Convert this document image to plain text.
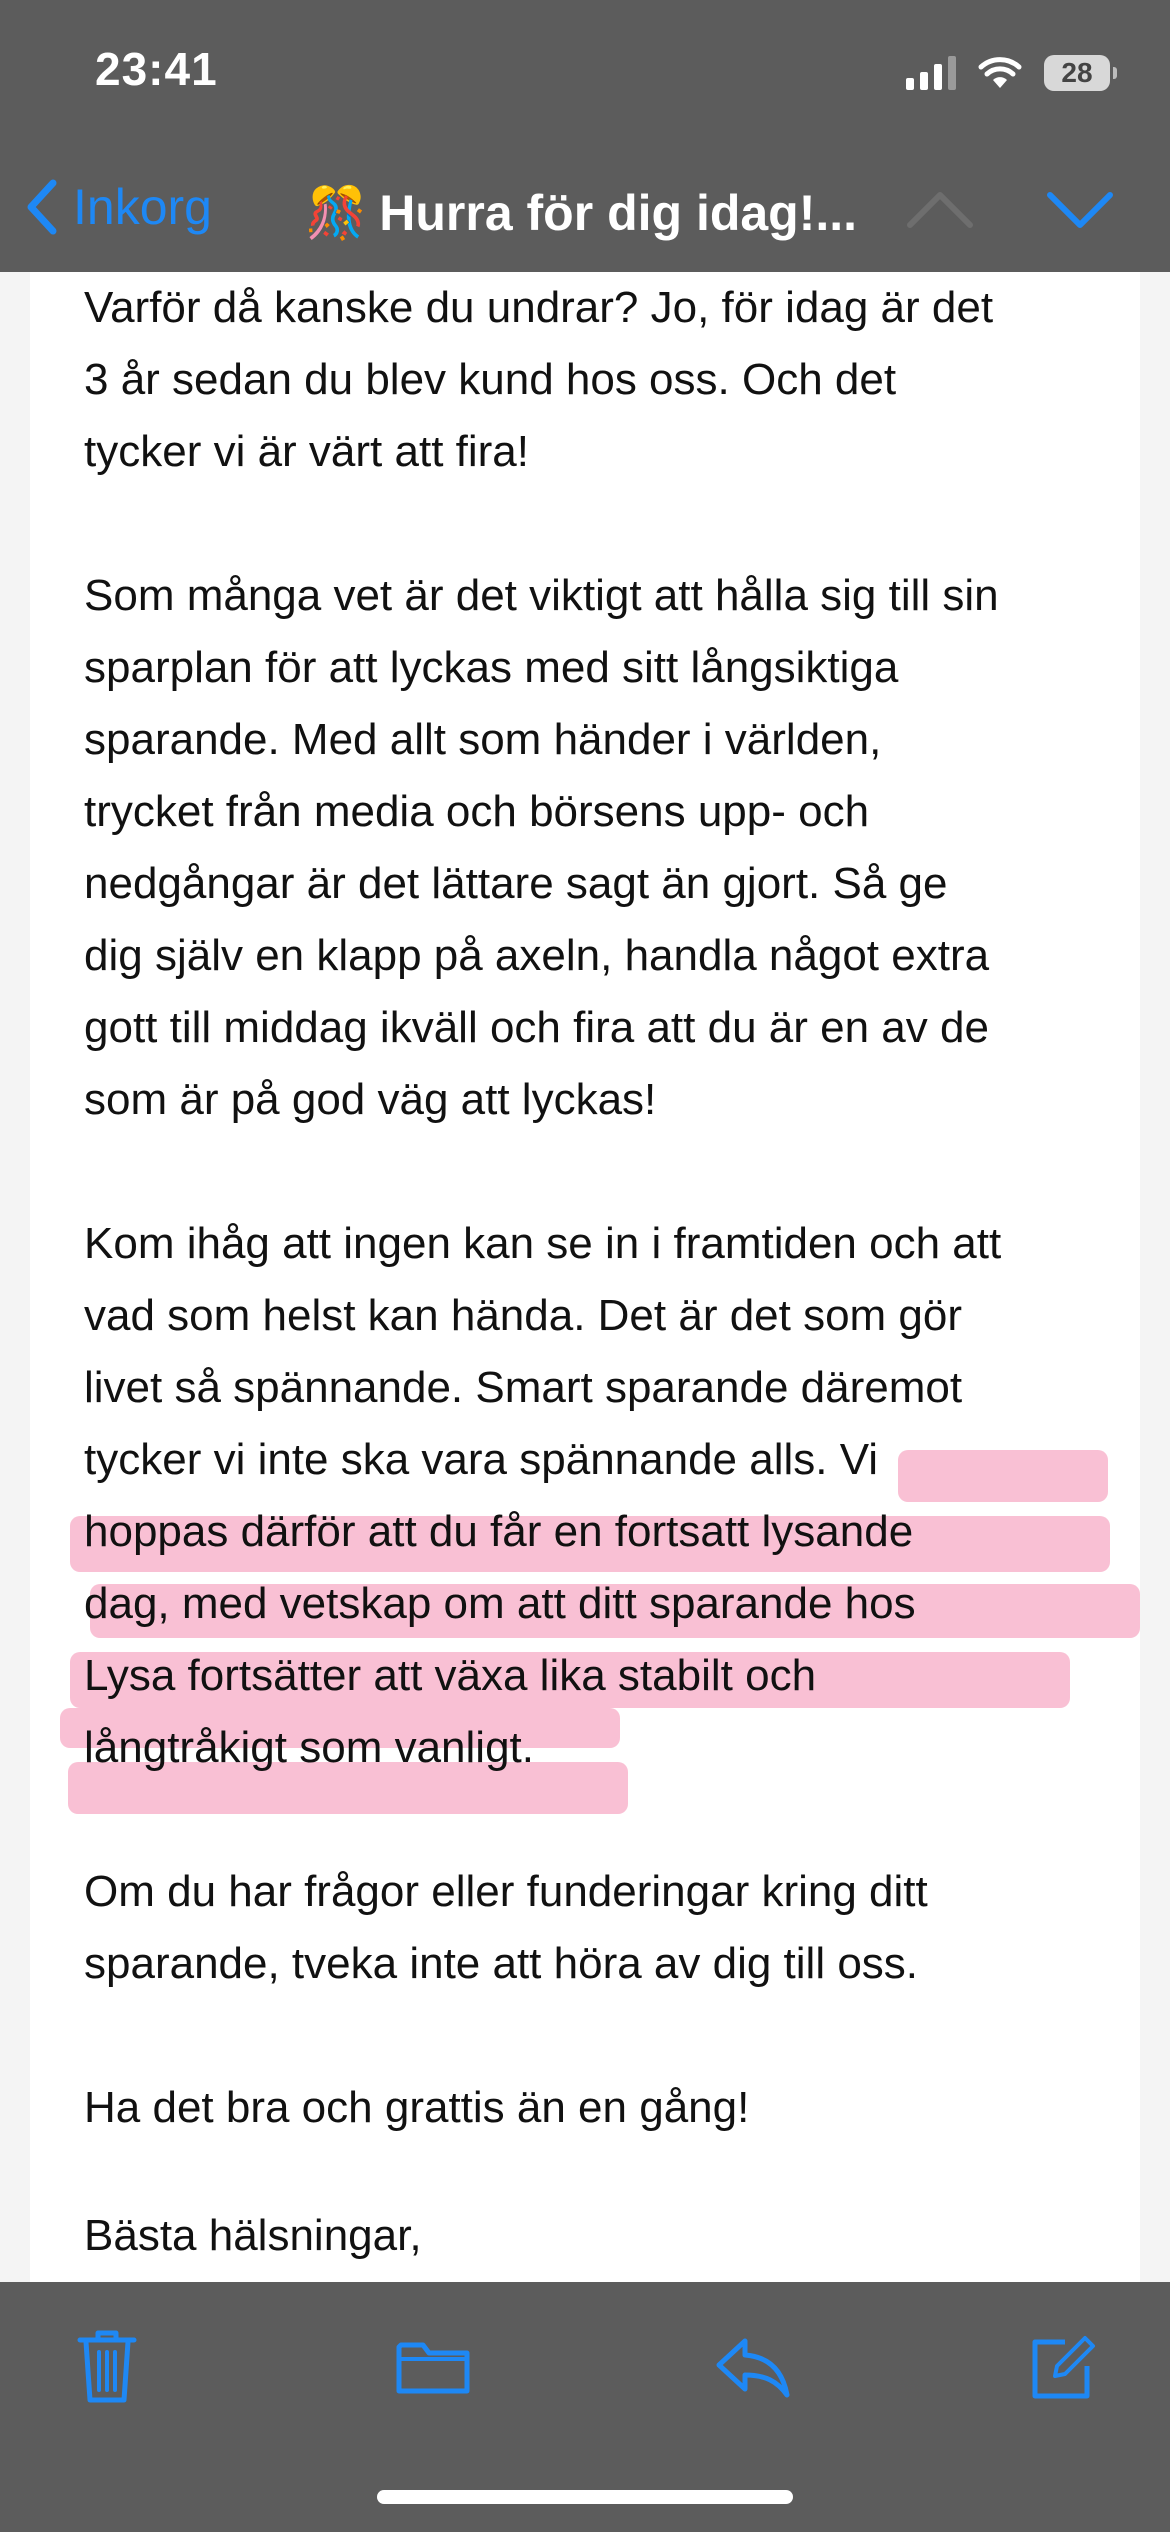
23:41	28
Inkorg 🎊 Hurra för dig idag!...

Varför då kanske du undrar? Jo, för idag är det
3 år sedan du blev kund hos oss. Och det
tycker vi är värt att fira!

Som många vet är det viktigt att hålla sig till sin
sparplan för att lyckas med sitt långsiktiga
sparande. Med allt som händer i världen,
trycket från media och börsens upp- och
nedgångar är det lättare sagt än gjort. Så ge
dig själv en klapp på axeln, handla något extra
gott till middag ikväll och fira att du är en av de
som är på god väg att lyckas!

Kom ihåg att ingen kan se in i framtiden och att
vad som helst kan hända. Det är det som gör
livet så spännande. Smart sparande däremot
tycker vi inte ska vara spännande alls. Vi
hoppas därför att du får en fortsatt lysande
dag, med vetskap om att ditt sparande hos
Lysa fortsätter att växa lika stabilt och
långtråkigt som vanligt.

Om du har frågor eller funderingar kring ditt
sparande, tveka inte att höra av dig till oss.

Ha det bra och grattis än en gång!

Bästa hälsningar,
